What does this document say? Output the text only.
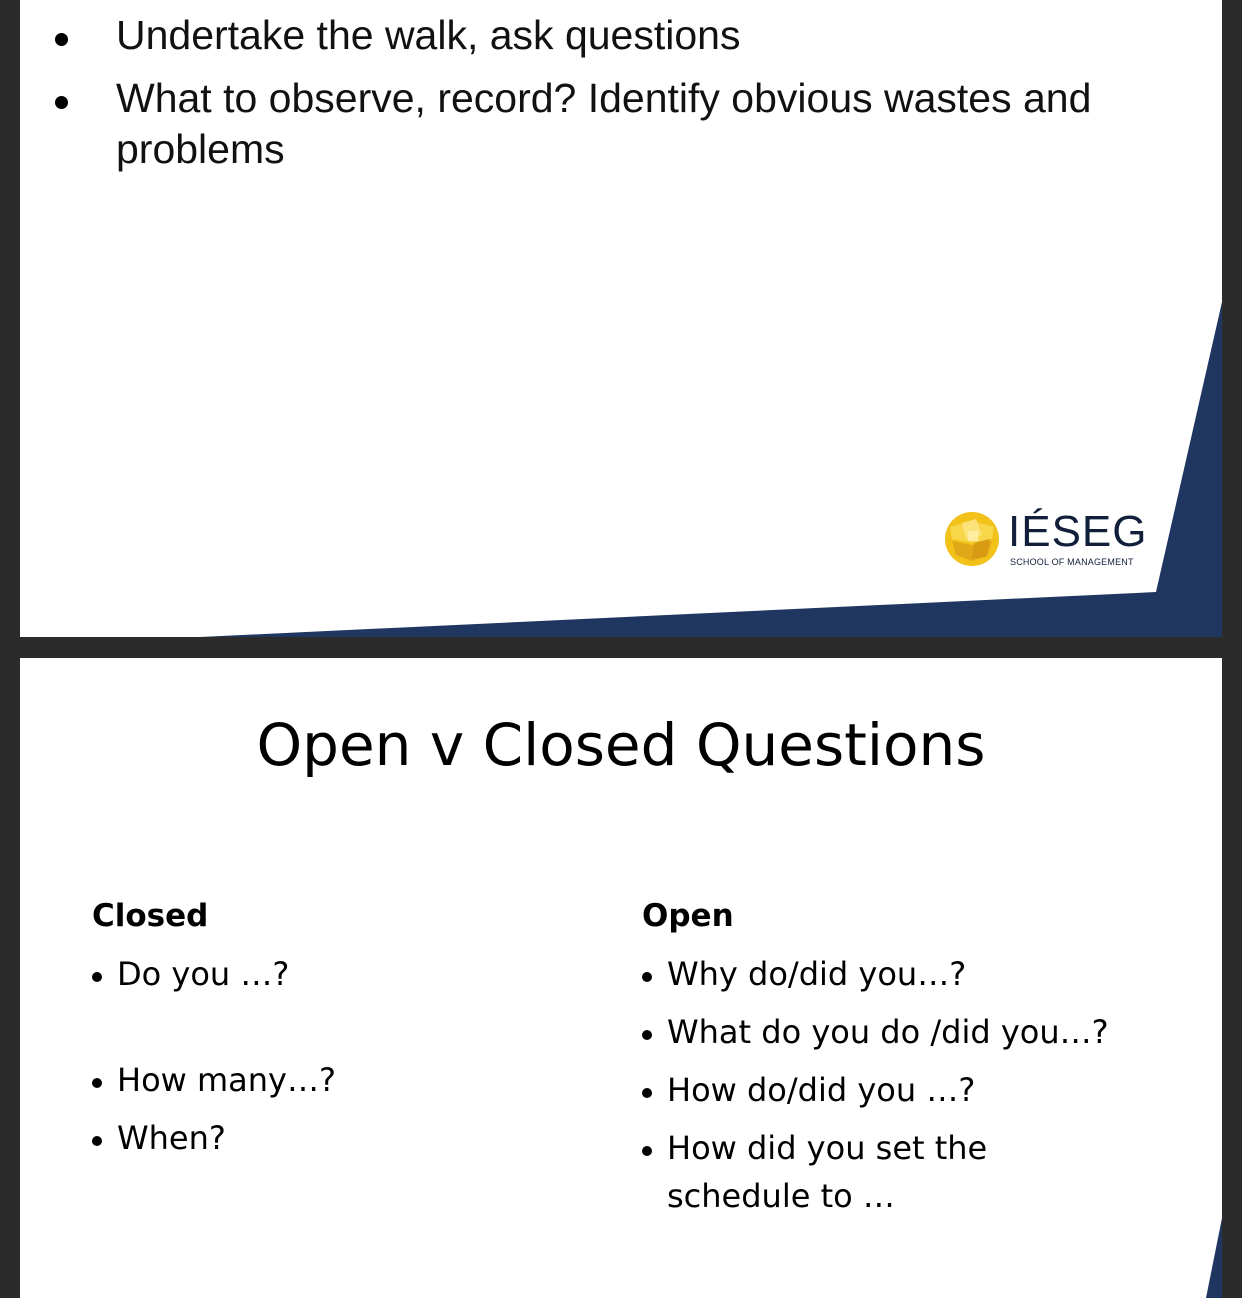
Undertake the walk, ask questions
What to observe, record? Identify obvious wastes and problems
IÉSEG
SCHOOL OF MANAGEMENT
Open v Closed Questions
Closed	Open
Do you …?
How many…?
When?
Why do/did you…?
What do you do /did you…?
How do/did you …?
How did you set the schedule to …
